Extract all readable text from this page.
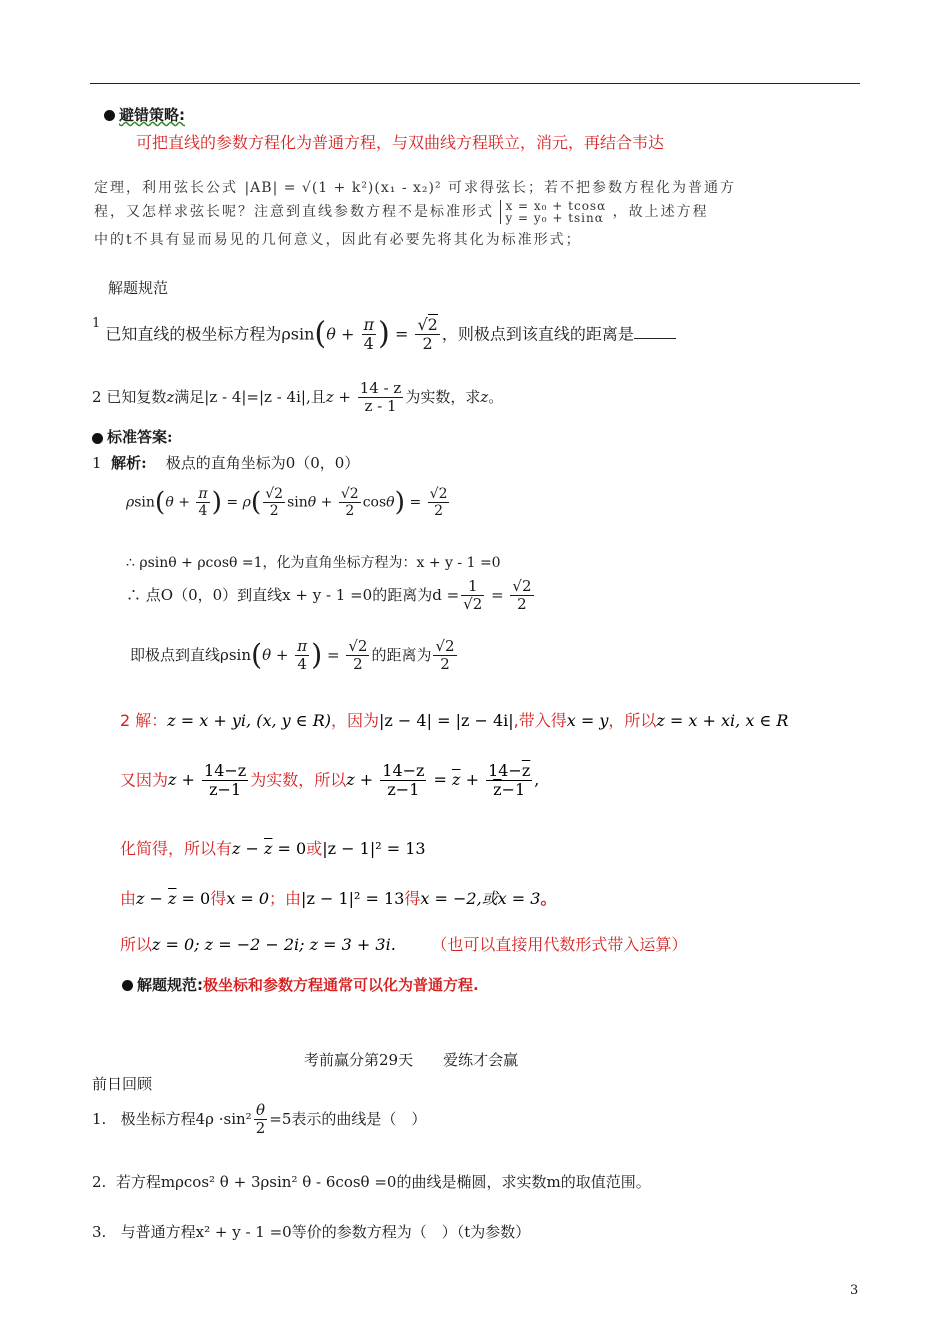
避错策略:
可把直线的参数方程化为普通方程，与双曲线方程联立，消元，再结合韦达
定理，利用弦长公式 |AB| = √(1 + k²)(x₁ - x₂)² 可求得弦长；若不把参数方程化为普通方
程，又怎样求弦长呢？注意到直线参数方程不是标准形式 x = x₀ + tcosα
y = y₀ + tsinα ，故上述方程
中的t不具有显而易见的几何意义，因此有必要先将其化为标准形式；
解题规范
$^1$ 已知直线的极坐标方程为$\rho\sin(\theta + \frac{\pi}{4}$ ) = $\frac{√2}{2}$ ，则极点到该直线的距离是
2 已知复数z满足|z - 4|=|z - 4i|,且$z + \frac{14 - z}{z - 1}$ 为实数，求z。
标准答案:
1 解析: 极点的直角坐标为0（0，0）
$\rho\sin(\theta + \frac{\pi}{4}$ ) = $\rho( \frac{√2}{2}$ $\sin\theta + \frac{√2}{2} \cos\theta) = \frac{√2}{2}$
∴ ρsinθ + ρcosθ =1，化为直角坐标方程为：x + y - 1 =0
∴ 点O（0，0）到直线x + y - 1 =0的距离为$d = \frac{1}{√2} = \frac{√2}{2}$
即极点到直线$\rho\sin(\theta + \frac{\pi}{4}$ ) = $\frac{√2}{2}$ 的距离为 $\frac{√2}{2}$
2 解：z = x + yi, (x, y ∈ R)，因为|z − 4| = |z − 4i|,带入得x = y，所以z = x + xi, x ∈ R
又因为$z + \frac{14-z}{z-1}$ 为实数，所以$z + \frac{14-z}{z-1} = \overline{z} + \frac{14-\overline{z}}{\overline{z}-1}$ ,
化简得，所以有$z - \overline{z} = 0$或|z − 1|² = 13
由$z - \overline{z} = 0$得x = 0；由|z − 1|² = 13得x = −2,或x = 3。
所以z = 0; z = −2 − 2i; z = 3 + 3i. （也可以直接用代数形式带入运算）
解题规范:极坐标和参数方程通常可以化为普通方程.
考前赢分第29天　　爱练才会赢
前日回顾
1. 极坐标方程$4\rho \cdot\sin^2 \frac{\theta}{2} =5$表示的曲线是（　）
2. 若方程mρcos² θ + 3ρsin² θ - 6cosθ =0的曲线是椭圆，求实数m的取值范围。
3. 与普通方程x² + y - 1 =0等价的参数方程为（　）（t为参数）
3
